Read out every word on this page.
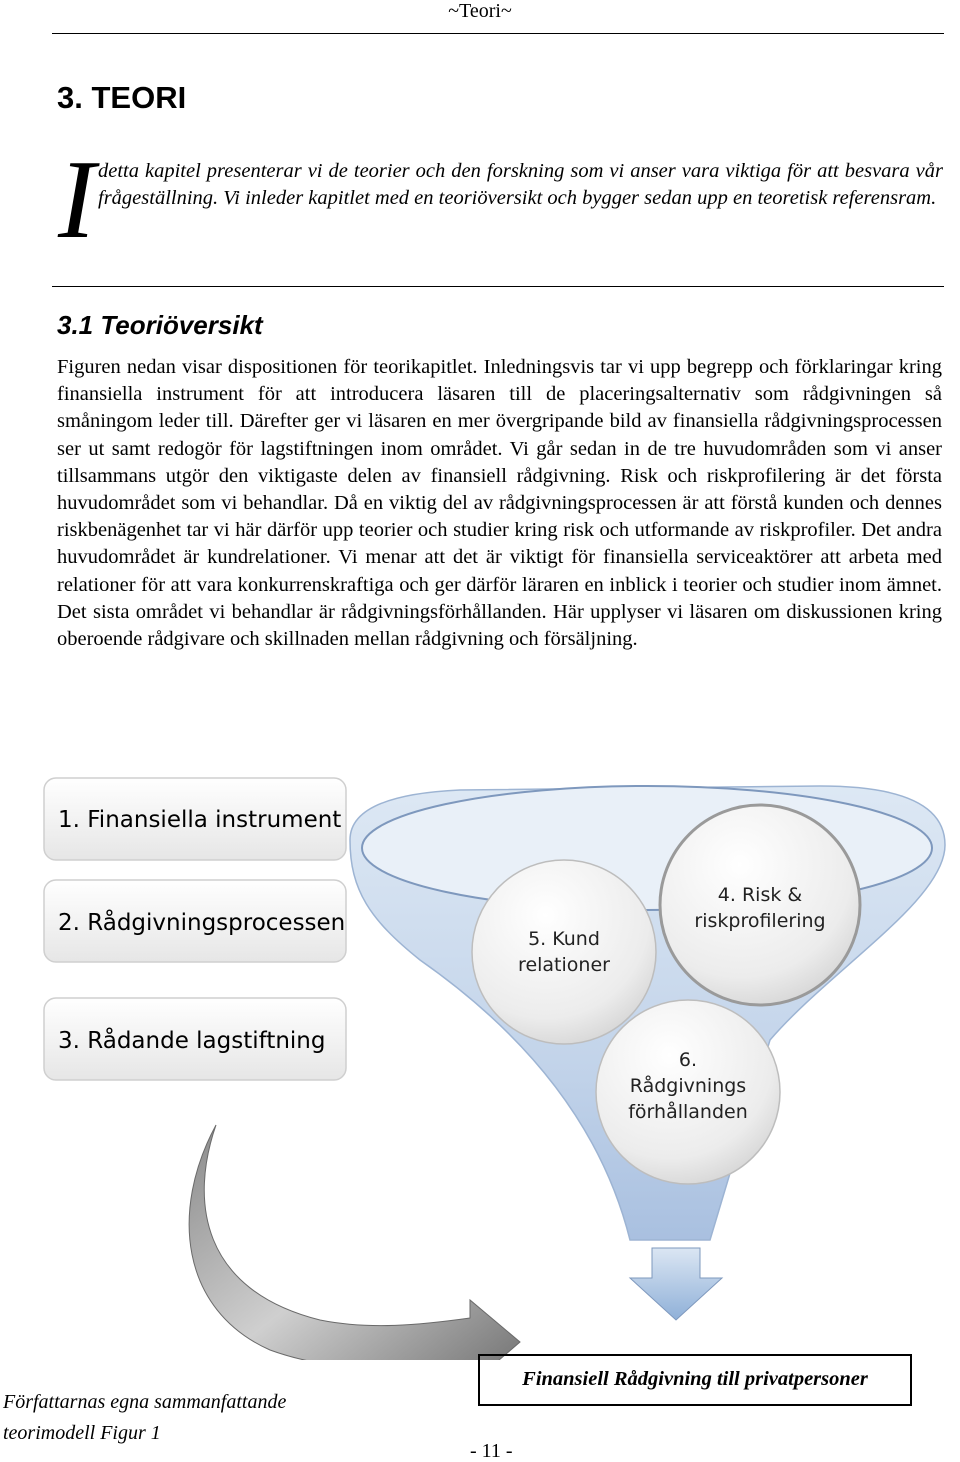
~Teori~
3. TEORI
I detta kapitel presenterar vi de teorier och den forskning som vi anser vara viktiga för att besvara vår frågeställning. Vi inleder kapitlet med en teoriöversikt och bygger sedan upp en teoretisk referensram.
3.1 Teoriöversikt
Figuren nedan visar dispositionen för teorikapitlet. Inledningsvis tar vi upp begrepp och förklaringar kring finansiella instrument för att introducera läsaren till de placeringsalternativ som rådgivningen så småningom leder till. Därefter ger vi läsaren en mer övergripande bild av finansiella rådgivningsprocessen ser ut samt redogör för lagstiftningen inom området. Vi går sedan in de tre huvudområden som vi anser tillsammans utgör den viktigaste delen av finansiell rådgivning. Risk och riskprofilering är det första huvudområdet som vi behandlar. Då en viktig del av rådgivningsprocessen är att förstå kunden och dennes riskbenägenhet tar vi här därför upp teorier och studier kring risk och utformande av riskprofiler. Det andra huvudområdet är kundrelationer. Vi menar att det är viktigt för finansiella serviceaktörer att arbeta med relationer för att vara konkurrenskraftiga och ger därför läraren en inblick i teorier och studier inom ämnet. Det sista området vi behandlar är rådgivningsförhållanden. Här upplyser vi läsaren om diskussionen kring oberoende rådgivare och skillnaden mellan rådgivning och försäljning.
1. Finansiella instrument
2. Rådgivningsprocessen
3. Rådande lagstiftning
5. Kund
relationer
4. Risk &
riskprofilering
6.
Rådgivnings
förhållanden
Finansiell Rådgivning till privatpersoner
Författarnas egna sammanfattande
teorimodell Figur 1
- 11 -
